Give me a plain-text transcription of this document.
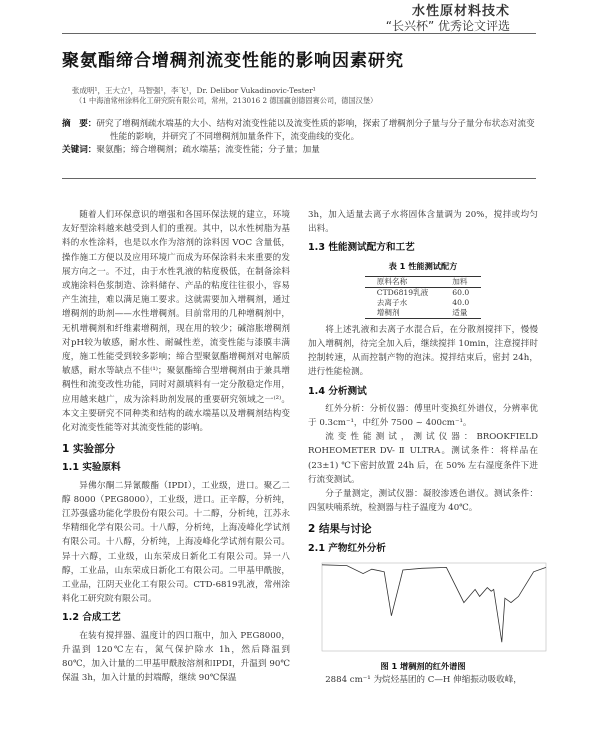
水性原材料技术
“长兴杯” 优秀论文评选
聚氨酯缔合增稠剂流变性能的影响因素研究
张成明¹，王大立¹，马智强¹，李飞¹，Dr. Delibor Vukadinovic-Tester¹
（1 中海油常州涂料化工研究院有限公司，常州，213016 2 德国赢创德固赛公司，德国汉堡）
摘　要：研究了增稠剂疏水端基的大小、结构对流变性能以及流变性质的影响，探索了增稠剂分子量与分子量分布状态对流变性能的影响，并研究了不同增稠剂加量条件下，流变曲线的变化。
关键词：聚氨酯；缔合增稠剂；疏水端基；流变性能；分子量；加量

随着人们环保意识的增强和各国环保法规的建立，环境友好型涂料越来越受到人们的重视。其中，以水性树脂为基料的水性涂料，也是以水作为溶剂的涂料因 VOC 含量低，操作施工方便以及应用环境广而成为环保涂料未来重要的发展方向之一。不过，由于水性乳液的粘度极低，在制备涂料或施涂料色浆制造、涂料储存、产品的粘度往往很小，容易产生流挂，难以满足施工要求。这就需要加入增稠剂，通过增稠剂的助剂——水性增稠剂。目前常用的几种增稠剂中，无机增稠剂和纤维素增稠剂，现在用的较少；碱溶胀增稠剂对pH较为敏感，耐水性、耐碱性差，流变性能与漆膜丰满度，施工性能受到较多影响；缔合型聚氨酯增稠剂对电解质敏感，耐水等缺点不佳⁽¹⁾；聚氨酯缔合型增稠剂由于兼具增稠性和流变改性功能，同时对颜填料有一定分散稳定作用，应用越来越广，成为涂料助剂发展的重要研究领域之一⁽²⁾。本文主要研究不同种类和结构的疏水端基以及增稠剂结构变化对流变性能等对其流变性能的影响。

1 实验部分
1.1 实验原料

异佛尔酮二异氰酸酯（IPDI），工业级，进口。聚乙二醇 8000（PEG8000），工业级，进口。正辛醇，分析纯，江苏强盛功能化学股份有限公司。十二醇，分析纯，江苏永华精细化学有限公司。十八醇，分析纯，上海凌峰化学试剂有限公司。十八醇，分析纯，上海凌峰化学试剂有限公司。异十六醇，工业级，山东荣成日新化工有限公司。异一八醇，工业品，山东荣成日新化工有限公司。二甲基甲酰胺，工业品，江阴天业化工有限公司。CTD-6819乳液，常州涂料化工研究院有限公司。

1.2 合成工艺

在装有搅拌器、温度计的四口瓶中，加入 PEG8000，升温到 120℃左右，氮气保护除水 1h，然后降温到 80℃，加入计量的二甲基甲酰胺溶剂和IPDI，升温到 90℃保温 3h，加入计量的封端醇，继续 90℃保温

3h，加入适量去离子水将固体含量调为 20%，搅拌或均匀出料。

1.3 性能测试配方和工艺
表 1 性能测试配方
原料名称	加料
CTD6819乳液	60.0
去离子水	40.0
增稠剂	适量

将上述乳液和去离子水混合后，在分散剂搅拌下，慢慢加入增稠剂，待完全加入后，继续搅拌 10min，注意搅拌时控制转速，从而控制产物的泡沫。搅拌结束后，密封 24h，进行性能检测。

1.4 分析测试

红外分析：分析仪器：傅里叶变换红外谱仪，分辨率优于 0.3cm⁻¹，中红外 7500 ~ 400cm⁻¹。

流变性能测试，测试仪器：BROOKFIELD ROHEOMETER DV- Ⅱ ULTRA。测试条件：将样品在 (23±1) ℃下密封放置 24h 后，在 50% 左右湿度条件下进行流变测试。

分子量测定，测试仪器：凝胶渗透色谱仪。测试条件：四氢呋喃系统，检测器与柱子温度为 40℃。

2 结果与讨论
2.1 产物红外分析
图 1 增稠剂的红外谱图

2884 cm⁻¹ 为烷烃基团的 C—H 伸缩振动吸收峰，
